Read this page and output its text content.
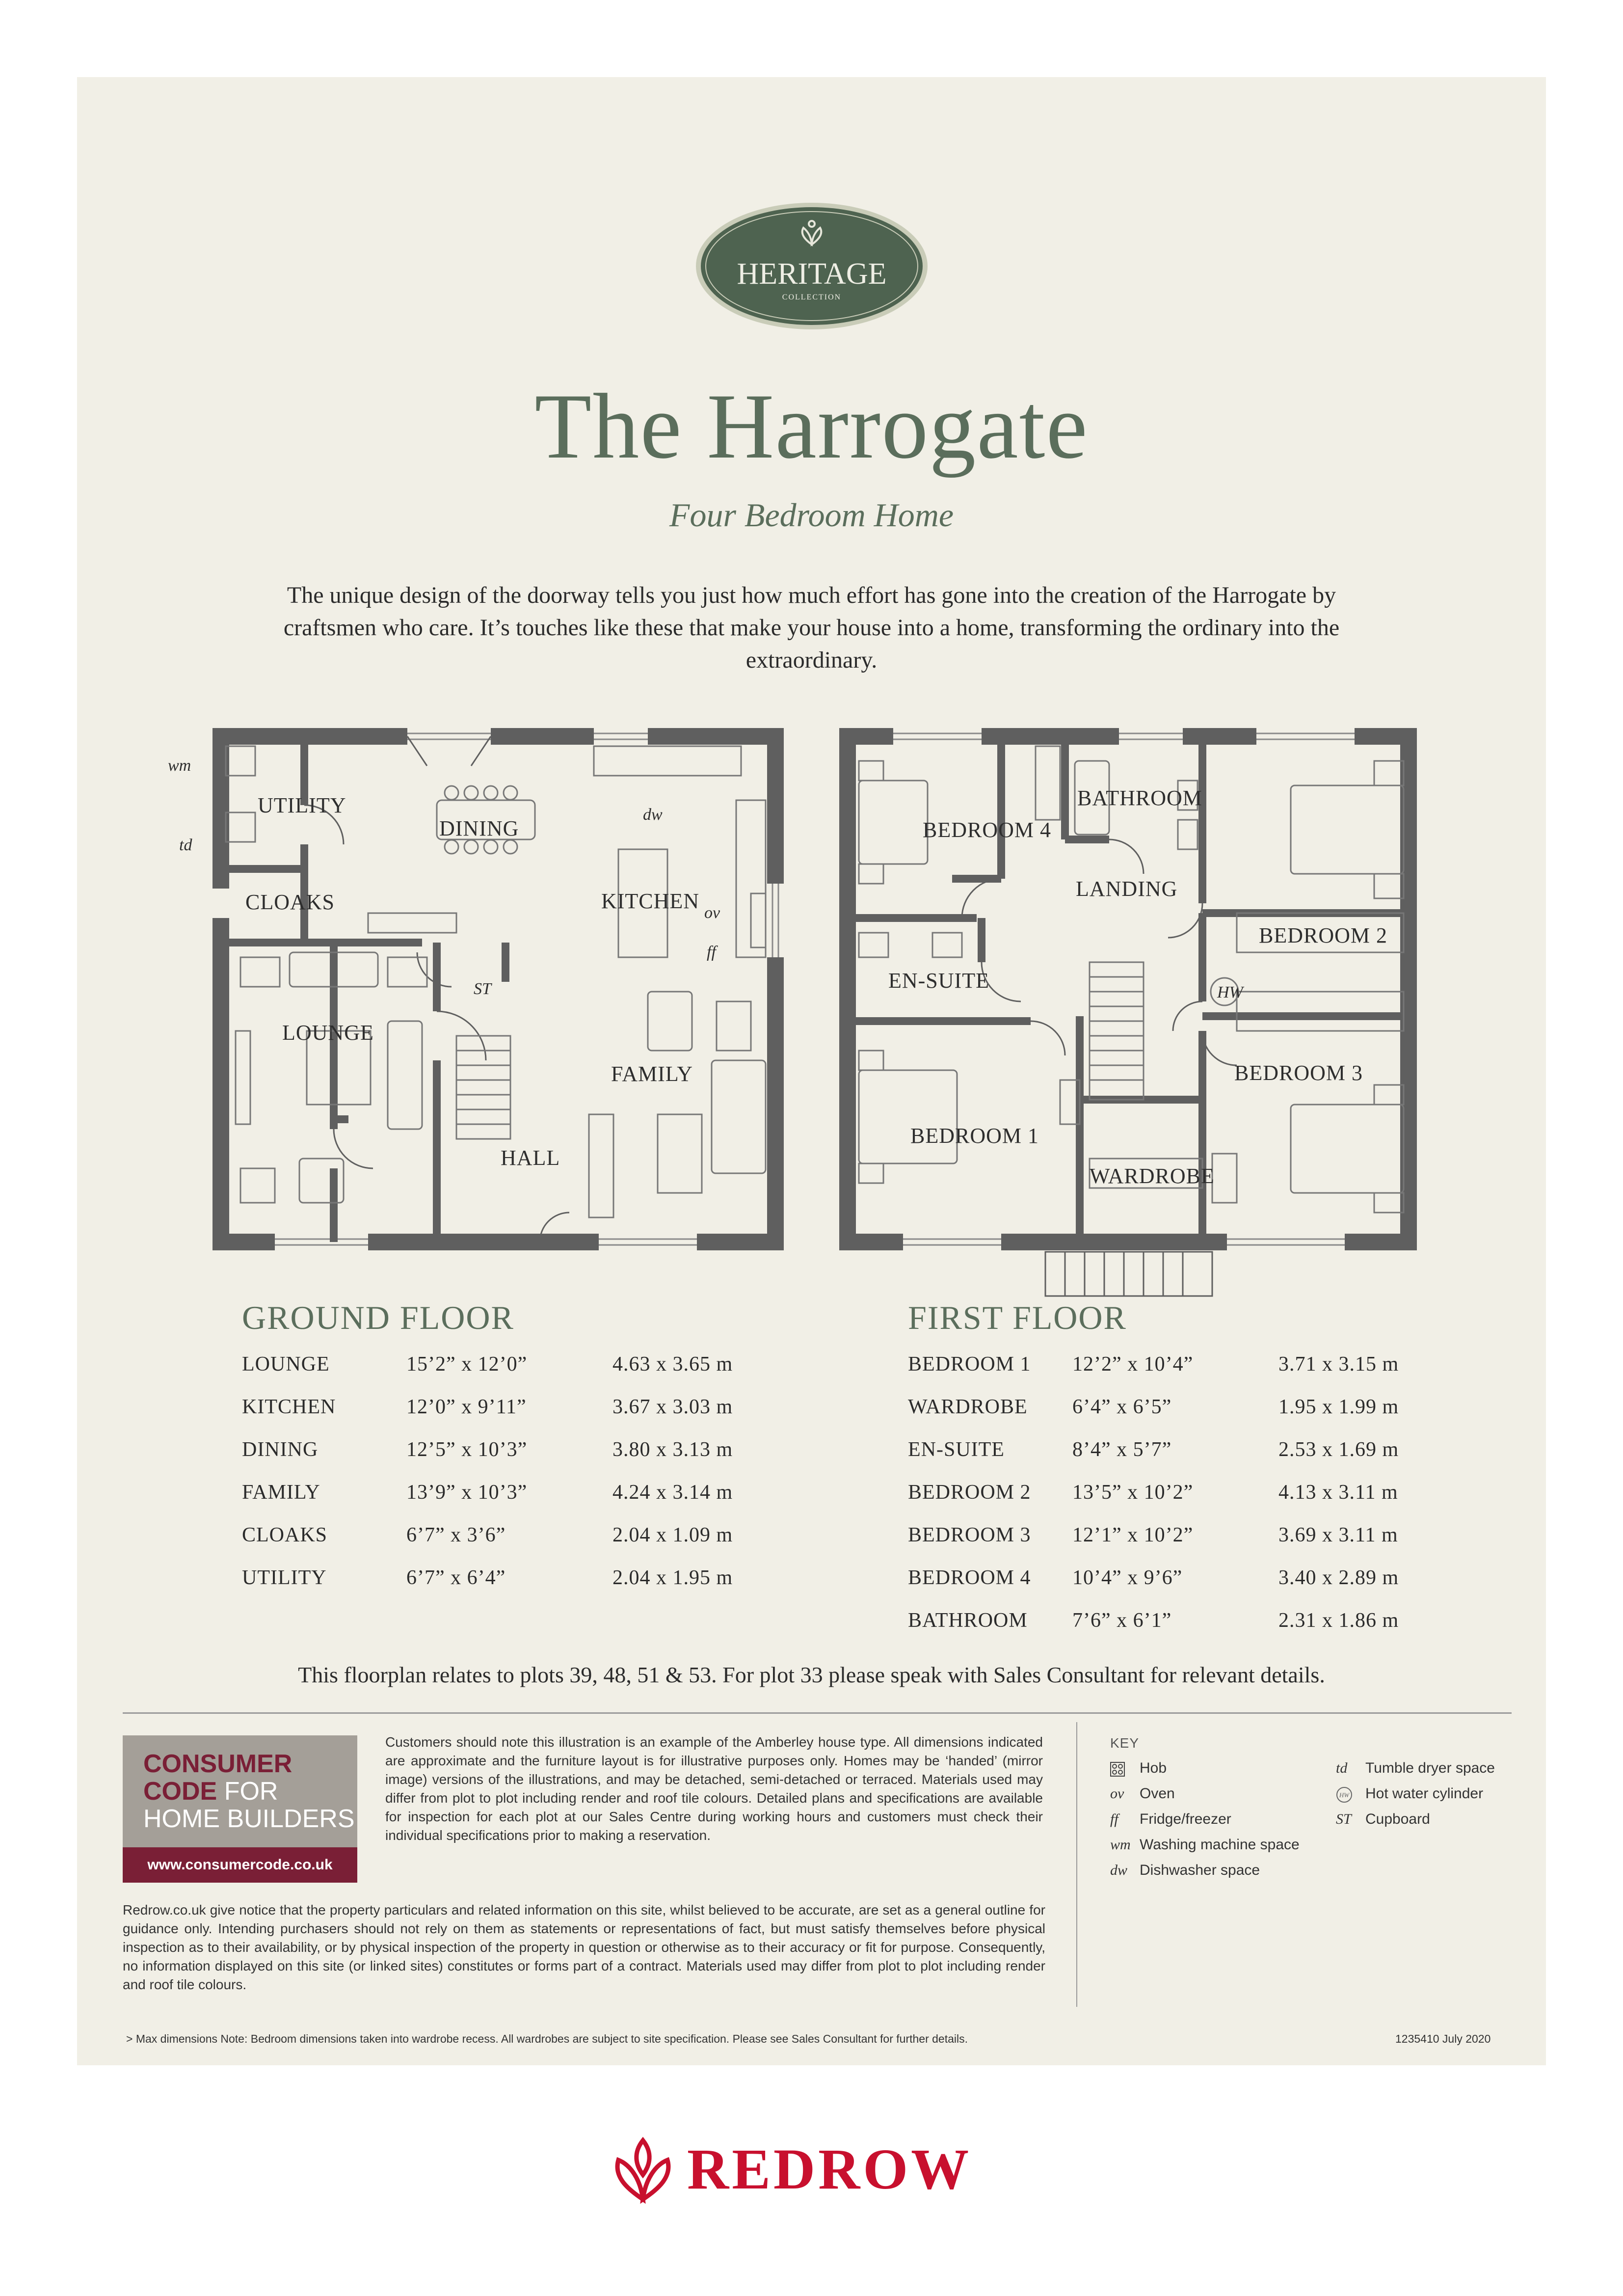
HERITAGE
COLLECTION
The Harrogate
Four Bedroom Home
The unique design of the doorway tells you just how much effort has gone into the creation of the Harrogate by craftsmen who care. It’s touches like these that make your house into a home, transforming the ordinary into the extraordinary.
UTILITY
CLOAKS
DINING
KITCHEN
LOUNGE
FAMILY
HALL
ST
wm
td
dw
ov
ff
BEDROOM 4
BATHROOM
LANDING
BEDROOM 2
EN-SUITE	HW
BEDROOM 3
BEDROOM 1
WARDROBE
GROUND FLOOR	FIRST FLOOR
LOUNGE	15’2” x 12’0”	4.63 x 3.65 m
KITCHEN	12’0” x 9’11”	3.67 x 3.03 m
DINING	12’5” x 10’3”	3.80 x 3.13 m
FAMILY	13’9” x 10’3”	4.24 x 3.14 m
CLOAKS	6’7” x 3’6”	2.04 x 1.09 m
UTILITY	6’7” x 6’4”	2.04 x 1.95 m
BEDROOM 1 12’2” x 10’4”	3.71 x 3.15 m
WARDROBE 6’4” x 6’5”	1.95 x 1.99 m
EN-SUITE	8’4” x 5’7”	2.53 x 1.69 m
BEDROOM 2 13’5” x 10’2”	4.13 x 3.11 m
BEDROOM 3 12’1” x 10’2”	3.69 x 3.11 m
BEDROOM 4 10’4” x 9’6”	3.40 x 2.89 m
BATHROOM 7’6” x 6’1”	2.31 x 1.86 m
This floorplan relates to plots 39, 48, 51 & 53. For plot 33 please speak with Sales Consultant for relevant details.
CONSUMER
CODE FOR
HOME BUILDERS
www.consumercode.co.uk
Customers should note this illustration is an example of the Amberley house type. All dimensions indicated are approximate and the furniture layout is for illustrative purposes only. Homes may be ‘handed’ (mirror image) versions of the illustrations, and may be detached, semi-detached or terraced. Materials used may differ from plot to plot including render and roof tile colours. Detailed plans and specifications are available for inspection for each plot at our Sales Centre during working hours and customers must check their individual specifications prior to making a reservation.
Redrow.co.uk give notice that the property particulars and related information on this site, whilst believed to be accurate, are set as a general outline for guidance only. Intending purchasers should not rely on them as statements or representations of fact, but must satisfy themselves before physical inspection as to their availability, or by physical inspection of the property in question or otherwise as to their accuracy or fit for purpose. Consequently, no information displayed on this site (or linked sites) constitutes or forms part of a contract. Materials used may differ from plot to plot including render and roof tile colours.
KEY
Hob
ov Oven
ff Fridge/freezer
wm Washing machine space
dw Dishwasher space
td Tumble dryer space
HW Hot water cylinder
ST Cupboard
> Max dimensions Note: Bedroom dimensions taken into wardrobe recess. All wardrobes are subject to site specification. Please see Sales Consultant for further details.	1235410 July 2020
REDROW
